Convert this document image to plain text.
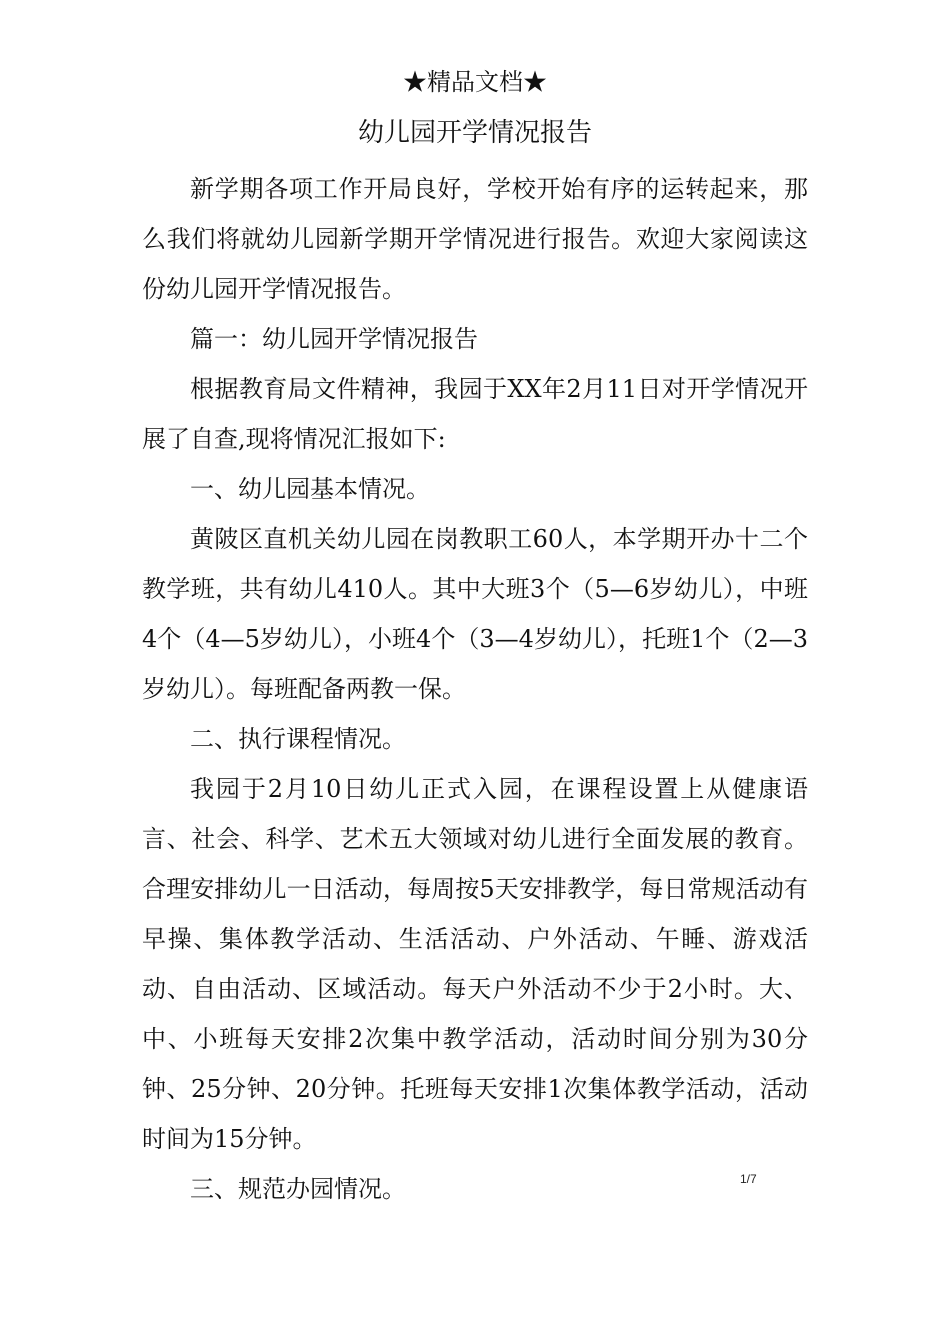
★精品文档★
幼儿园开学情况报告

新学期各项工作开局良好，学校开始有序的运转起来，那么我们将就幼儿园新学期开学情况进行报告。欢迎大家阅读这份幼儿园开学情况报告。

篇一：幼儿园开学情况报告

根据教育局文件精神，我园于XX年2月11日对开学情况开展了自查,现将情况汇报如下:

一、幼儿园基本情况。

黄陂区直机关幼儿园在岗教职工60人，本学期开办十二个教学班，共有幼儿410人。其中大班3个（5—6岁幼儿），中班4个（4—5岁幼儿），小班4个（3—4岁幼儿），托班1个（2—3岁幼儿）。每班配备两教一保。

二、执行课程情况。

我园于2月10日幼儿正式入园，在课程设置上从健康语言、社会、科学、艺术五大领域对幼儿进行全面发展的教育。合理安排幼儿一日活动，每周按5天安排教学，每日常规活动有早操、集体教学活动、生活活动、户外活动、午睡、游戏活动、自由活动、区域活动。每天户外活动不少于2小时。大、中、小班每天安排2次集中教学活动，活动时间分别为30分钟、25分钟、20分钟。托班每天安排1次集体教学活动，活动时间为15分钟。

三、规范办园情况。	1/7
